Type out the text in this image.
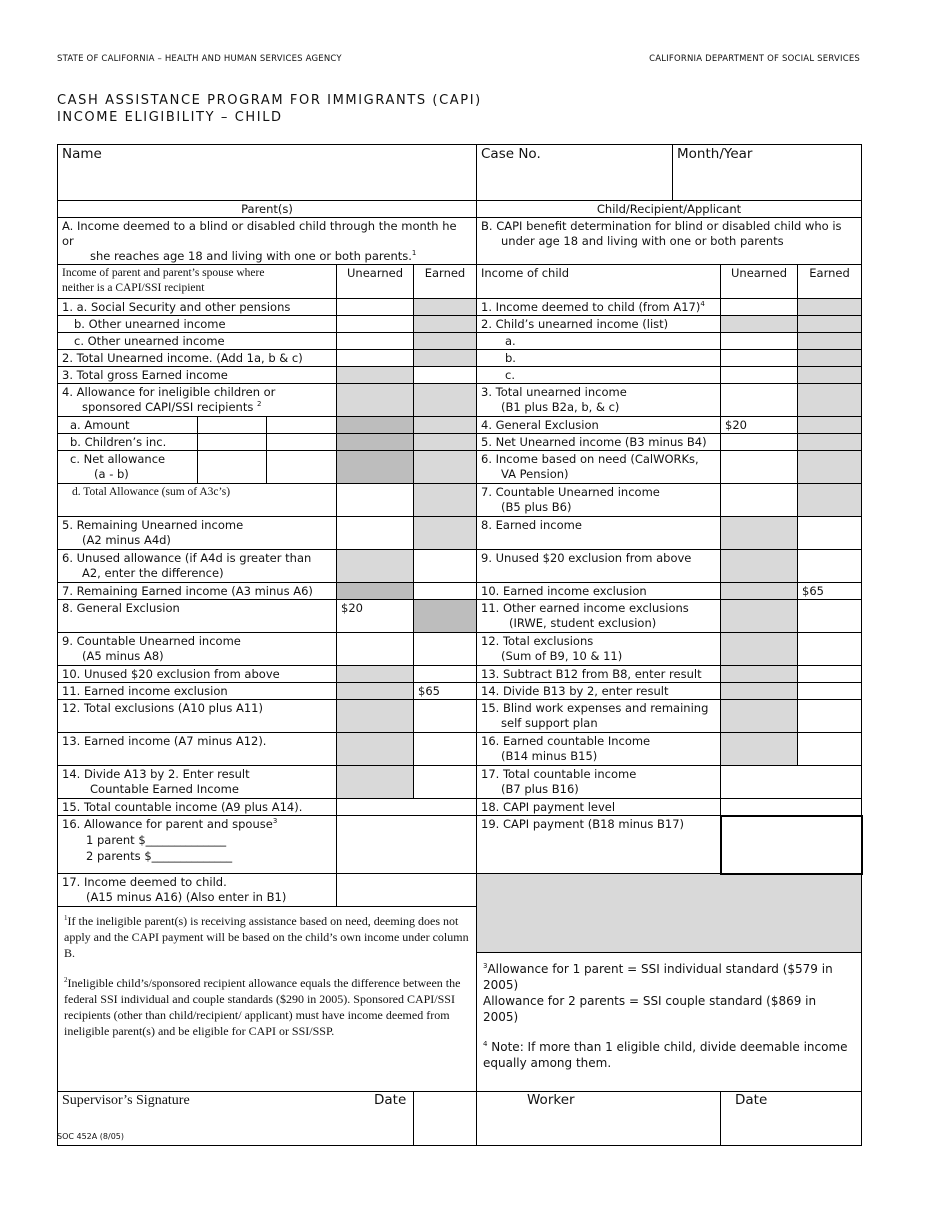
STATE OF CALIFORNIA – HEALTH AND HUMAN SERVICES AGENCY	CALIFORNIA DEPARTMENT OF SOCIAL SERVICES
CASH ASSISTANCE PROGRAM FOR IMMIGRANTS (CAPI)
INCOME ELIGIBILITY – CHILD
Name					Case No.	Month/Year		
Parent(s)					Child/Recipient/Applicant			
A. Income deemed to a blind or disabled child through the month he or
she reaches age 18 and living with one or both parents.$^1$					B. CAPI benefit determination for blind or disabled child who is
under age 18 and living with one or both parents			

Income of parent and parent’s spouse where
neither is a CAPI/SSI recipient			Unearned	Earned	Income of child		Unearned	Earned
1. a. Social Security and other pensions					1. Income deemed to child (from A17)$^4$		
b. Other unearned income					2. Child’s unearned income (list)			
c. Other unearned income					a.			
2. Total Unearned income. (Add 1a, b & c)					b.			
3. Total gross Earned income					c.			
4. Allowance for ineligible children or
sponsored CAPI/SSI recipients $^2$					3. Total unearned income
(B1 plus B2a, b, & c)			

a. Amount					4. General Exclusion		$20	
b. Children’s inc.					5. Net Unearned income (B3 minus B4)			
c. Net allowance
(a - b)					6. Income based on need (CalWORKs,
VA Pension)			

d. Total Allowance (sum of A3c’s)					7. Countable Unearned income
(B5 plus B6)			

5. Remaining Unearned income
(A2 minus A4d)					8. Earned income			
6. Unused allowance (if A4d is greater than
A2, enter the difference)					9. Unused $20 exclusion from above			
7. Remaining Earned income (A3 minus A6)					10. Earned income exclusion			$65
8. General Exclusion			$20		11. Other earned income exclusions
(IRWE, student exclusion)			

9. Countable Unearned income
(A5 minus A8)					12. Total exclusions
(Sum of B9, 10 & 11)			

10. Unused $20 exclusion from above					13. Subtract B12 from B8, enter result			
11. Earned income exclusion				$65	14. Divide B13 by 2, enter result			
12. Total exclusions (A10 plus A11)					15. Blind work expenses and remaining
self support plan			

13. Earned income (A7 minus A12).					16. Earned countable Income
(B14 minus B15)			

14. Divide A13 by 2. Enter result
Countable Earned Income					17. Total countable income
(B7 plus B16)			

15. Total countable income (A9 plus A14).					18. CAPI payment level			
16. Allowance for parent and spouse$^3$
1 parent $______________
2 parents $______________					19. CAPI payment (B18 minus B17)			
17. Income deemed to child.
(A15 minus A16) (Also enter in B1)								

$^1$If the ineligible parent(s) is receiving assistance based on need, deeming does not apply and the CAPI payment will be based on the child’s own income under column B.

$^2$Ineligible child’s/sponsored recipient allowance equals the difference between the federal SSI individual and couple standards ($290 in 2005). Sponsored CAPI/SSI recipients (other than child/recipient/ applicant) must have income deemed from ineligible parent(s) and be eligible for CAPI or SSI/SSP.								

					$^3$Allowance for 1 parent = SSI individual standard ($579 in 2005)
Allowance for 2 parents = SSI couple standard ($869 in 2005)
$^4$ Note: If more than 1 eligible child, divide deemable income equally among them.			

Supervisor’s Signature				Date	Worker		Date	
SOC 452A (8/05)
